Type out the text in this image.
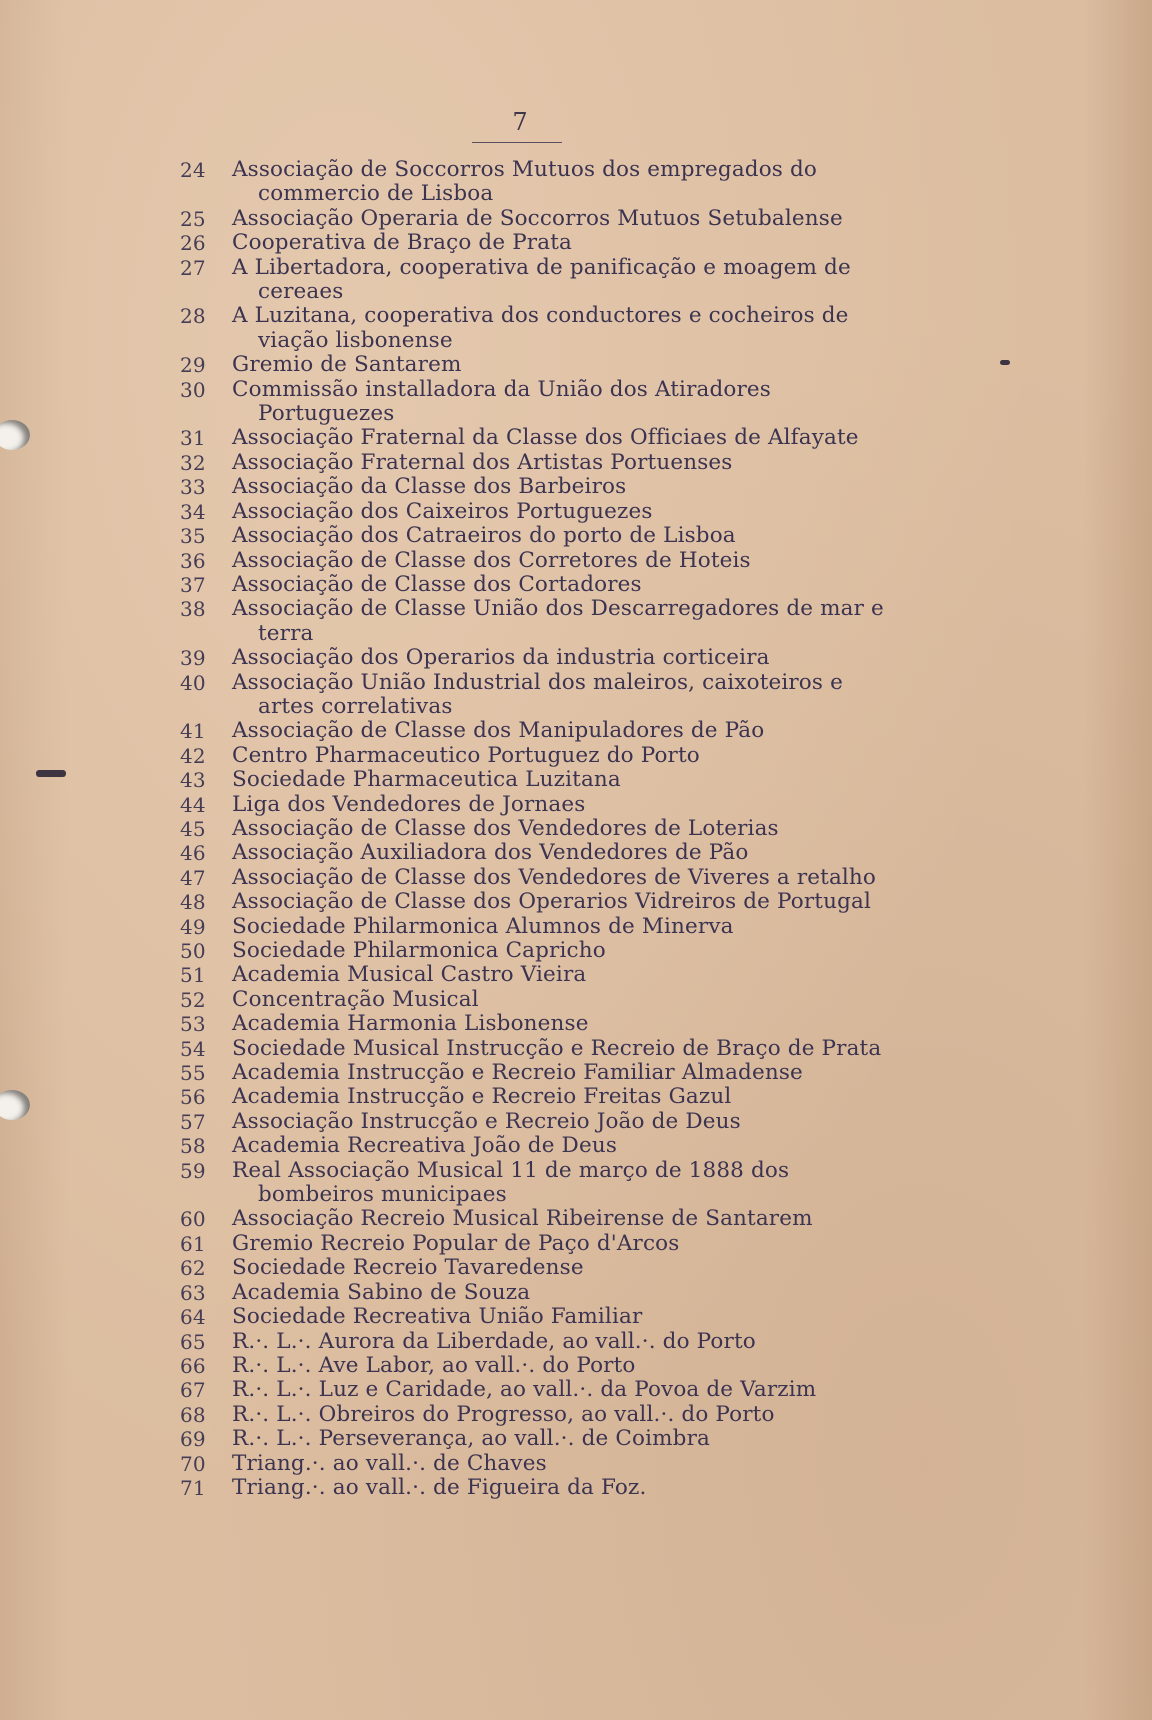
7
24	Associação de Soccorros Mutuos dos empregados do commercio de Lisboa
25	Associação Operaria de Soccorros Mutuos Setubalense
26	Cooperativa de Braço de Prata
27	A Libertadora, cooperativa de panificação e moagem de cereaes
28	A Luzitana, cooperativa dos conductores e cocheiros de viação lisbonense
29	Gremio de Santarem
30	Commissão installadora da União dos Atiradores Portuguezes
31	Associação Fraternal da Classe dos Officiaes de Alfayate
32	Associação Fraternal dos Artistas Portuenses
33	Associação da Classe dos Barbeiros
34	Associação dos Caixeiros Portuguezes
35	Associação dos Catraeiros do porto de Lisboa
36	Associação de Classe dos Corretores de Hoteis
37	Associação de Classe dos Cortadores
38	Associação de Classe União dos Descarregadores de mar e terra
39	Associação dos Operarios da industria corticeira
40	Associação União Industrial dos maleiros, caixoteiros e artes correlativas
41	Associação de Classe dos Manipuladores de Pão
42	Centro Pharmaceutico Portuguez do Porto
43	Sociedade Pharmaceutica Luzitana
44	Liga dos Vendedores de Jornaes
45	Associação de Classe dos Vendedores de Loterias
46	Associação Auxiliadora dos Vendedores de Pão
47	Associação de Classe dos Vendedores de Viveres a retalho
48	Associação de Classe dos Operarios Vidreiros de Portugal
49	Sociedade Philarmonica Alumnos de Minerva
50	Sociedade Philarmonica Capricho
51	Academia Musical Castro Vieira
52	Concentração Musical
53	Academia Harmonia Lisbonense
54	Sociedade Musical Instrucção e Recreio de Braço de Prata
55	Academia Instrucção e Recreio Familiar Almadense
56	Academia Instrucção e Recreio Freitas Gazul
57	Associação Instrucção e Recreio João de Deus
58	Academia Recreativa João de Deus
59	Real Associação Musical 11 de março de 1888 dos bombeiros municipaes
60	Associação Recreio Musical Ribeirense de Santarem
61	Gremio Recreio Popular de Paço d'Arcos
62	Sociedade Recreio Tavaredense
63	Academia Sabino de Souza
64	Sociedade Recreativa União Familiar
65	R.·. L.·. Aurora da Liberdade, ao vall.·. do Porto
66	R.·. L.·. Ave Labor, ao vall.·. do Porto
67	R.·. L.·. Luz e Caridade, ao vall.·. da Povoa de Varzim
68	R.·. L.·. Obreiros do Progresso, ao vall.·. do Porto
69	R.·. L.·. Perseverança, ao vall.·. de Coimbra
70	Triang.·. ao vall.·. de Chaves
71	Triang.·. ao vall.·. de Figueira da Foz.
